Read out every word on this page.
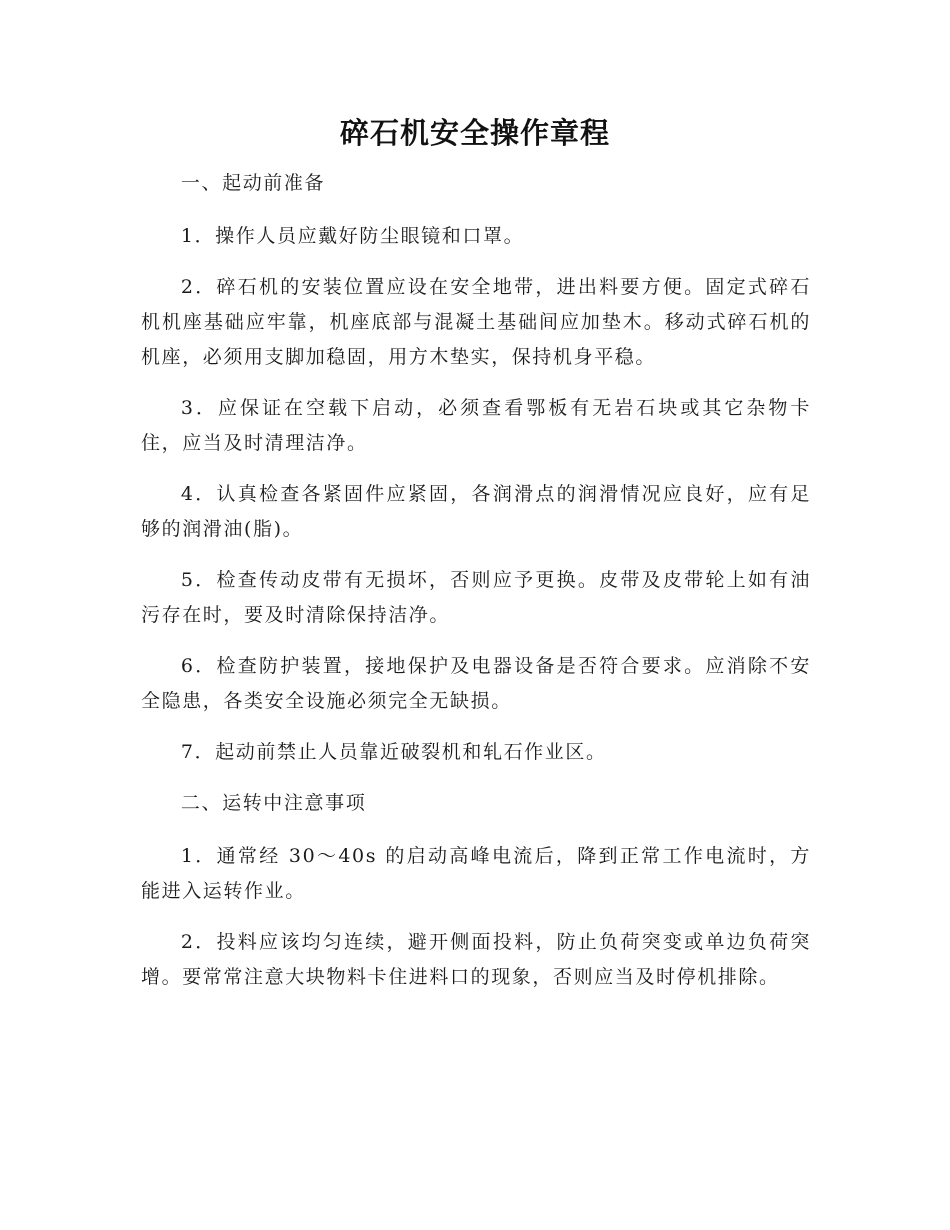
碎石机安全操作章程

一、起动前准备

1．操作人员应戴好防尘眼镜和口罩。

2．碎石机的安装位置应设在安全地带，进出料要方便。固定式碎石机机座基础应牢靠，机座底部与混凝土基础间应加垫木。移动式碎石机的机座，必须用支脚加稳固，用方木垫实，保持机身平稳。

3．应保证在空载下启动，必须查看鄂板有无岩石块或其它杂物卡住，应当及时清理洁净。

4．认真检查各紧固件应紧固，各润滑点的润滑情况应良好，应有足够的润滑油(脂)。

5．检查传动皮带有无损坏，否则应予更换。皮带及皮带轮上如有油污存在时，要及时清除保持洁净。

6．检查防护装置，接地保护及电器设备是否符合要求。应消除不安全隐患，各类安全设施必须完全无缺损。

7．起动前禁止人员靠近破裂机和轧石作业区。

二、运转中注意事项

1．通常经 30～40s 的启动高峰电流后，降到正常工作电流时，方能进入运转作业。

2．投料应该均匀连续，避开侧面投料，防止负荷突变或单边负荷突增。要常常注意大块物料卡住进料口的现象，否则应当及时停机排除。
